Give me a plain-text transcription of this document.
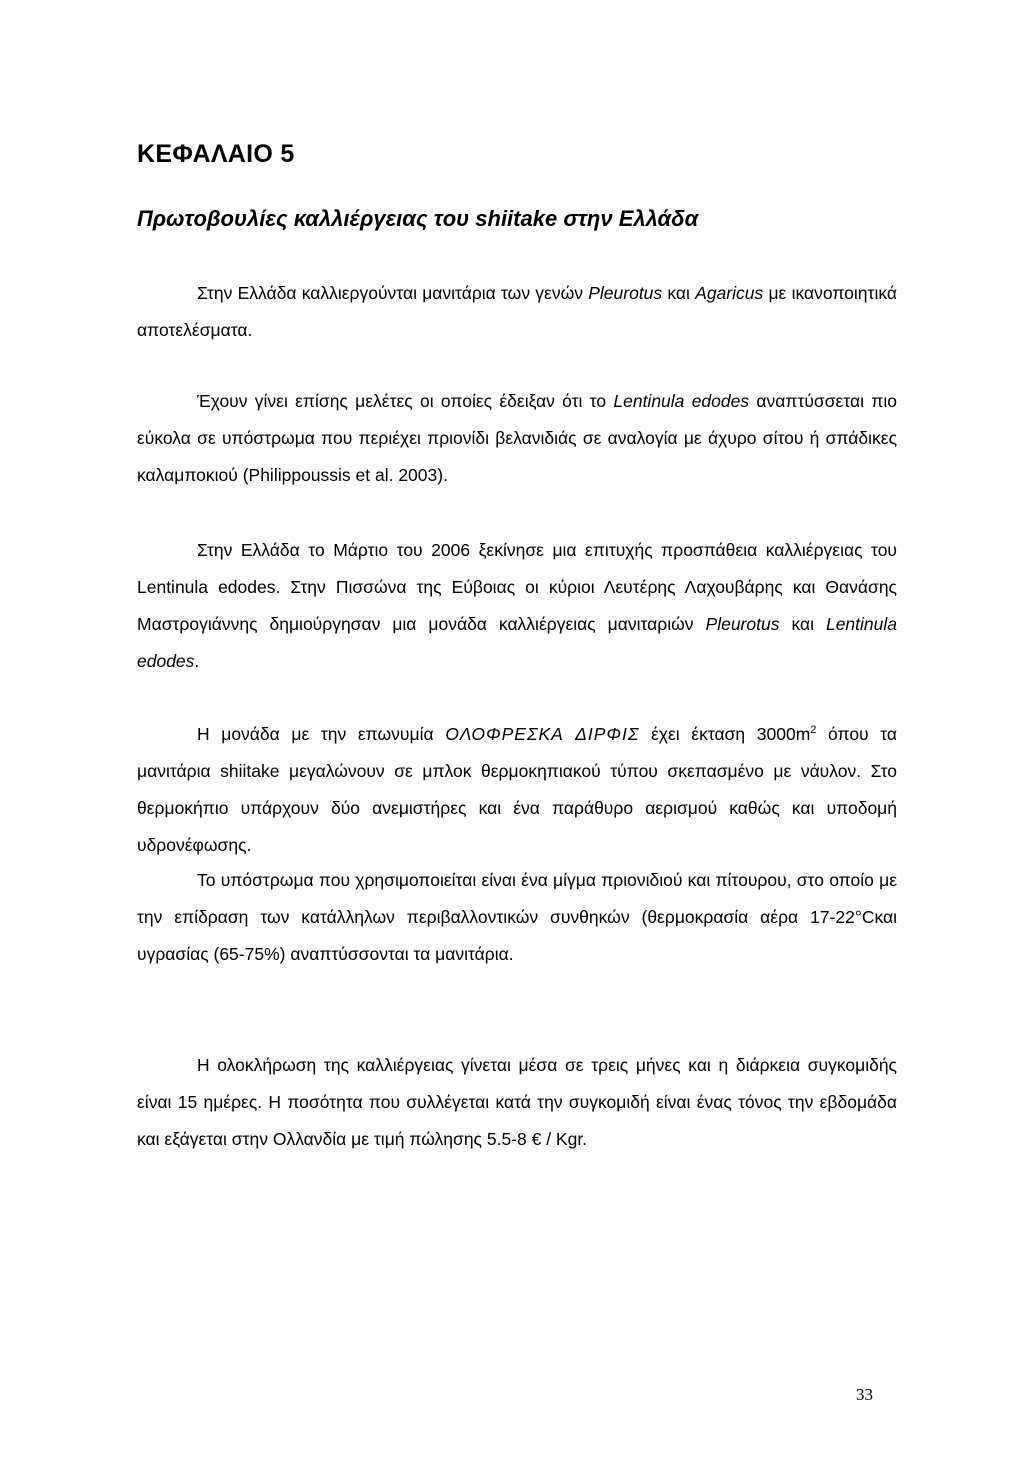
ΚΕΦΑΛΑΙΟ 5
Πρωτοβουλίες καλλιέργειας του shiitake στην Ελλάδα

Στην Ελλάδα καλλιεργούνται μανιτάρια των γενών Pleurotus και Agaricus με ικανοποιητικά αποτελέσματα.

Έχουν γίνει επίσης μελέτες οι οποίες έδειξαν ότι το Lentinula edodes αναπτύσσεται πιο εύκολα σε υπόστρωμα που περιέχει πριονίδι βελανιδιάς σε αναλογία με άχυρο σίτου ή σπάδικες καλαμποκιού (Philippoussis et al. 2003).

Στην Ελλάδα το Μάρτιο του 2006 ξεκίνησε μια επιτυχής προσπάθεια καλλιέργειας του Lentinula edodes. Στην Πισσώνα της Εύβοιας οι κύριοι Λευτέρης Λαχουβάρης και Θανάσης Μαστρογιάννης δημιούργησαν μια μονάδα καλλιέργειας μανιταριών Pleurotus και Lentinula edodes.

Η μονάδα με την επωνυμία ΟΛΟΦΡΕΣΚΑ ΔΙΡΦΙΣ έχει έκταση $3000m^2$ όπου τα μανιτάρια shiitake μεγαλώνουν σε μπλοκ θερμοκηπιακού τύπου σκεπασμένο με νάυλον. Στο θερμοκήπιο υπάρχουν δύο ανεμιστήρες και ένα παράθυρο αερισμού καθώς και υποδομή υδρονέφωσης.

Το υπόστρωμα που χρησιμοποιείται είναι ένα μίγμα πριονιδιού και πίτουρου, στο οποίο με την επίδραση των κατάλληλων περιβαλλοντικών συνθηκών (θερμοκρασία αέρα 17-22°Cκαι υγρασίας (65-75%) αναπτύσσονται τα μανιτάρια.

Η ολοκλήρωση της καλλιέργειας γίνεται μέσα σε τρεις μήνες και η διάρκεια συγκομιδής είναι 15 ημέρες. Η ποσότητα που συλλέγεται κατά την συγκομιδή είναι ένας τόνος την εβδομάδα και εξάγεται στην Ολλανδία με τιμή πώλησης 5.5-8 € / Kgr.

33
